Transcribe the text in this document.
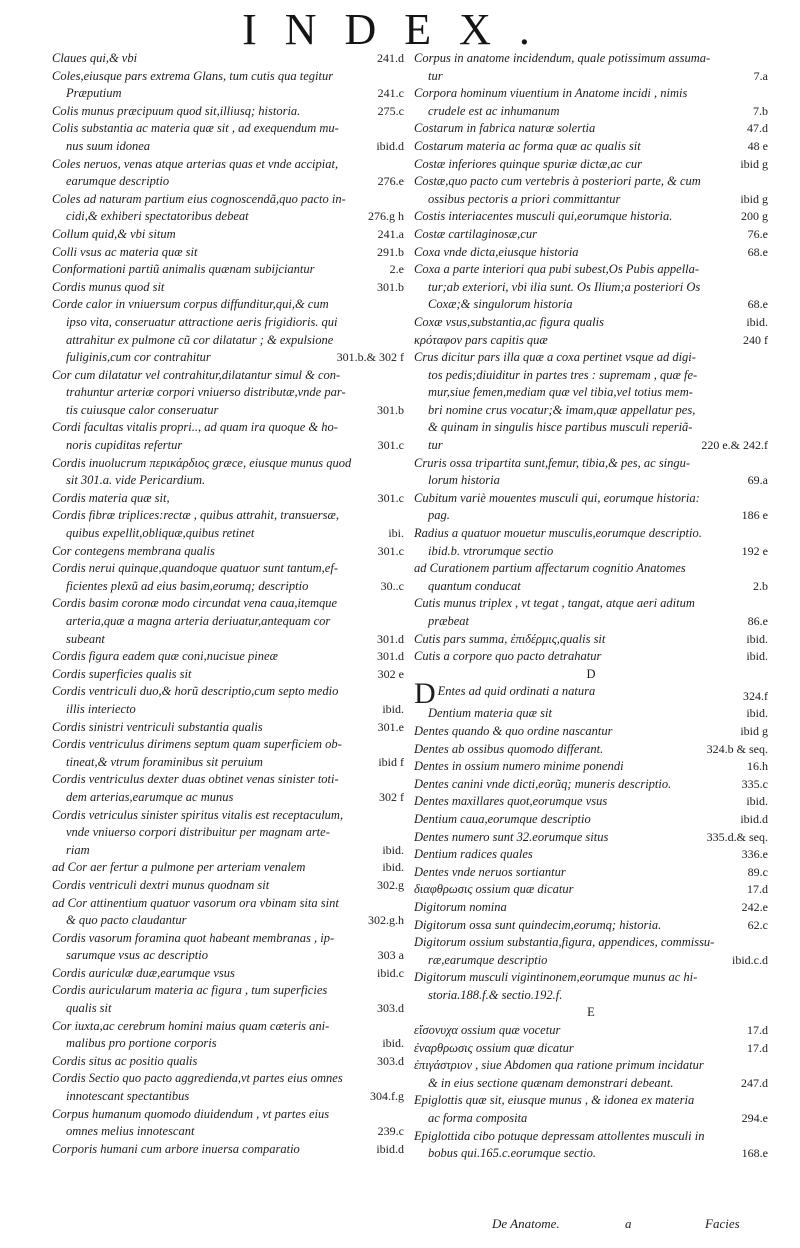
INDEX.
Claues qui,& vbi	241.d
Coles,eiusque pars extrema Glans, tum cutis qua tegitur
Præputium	241.c
Colis munus præcipuum quod sit,illiusq; historia.	275.c
Colis substantia ac materia quæ sit , ad exequendum mu-
nus suum idonea	ibid.d
Coles neruos, venas atque arterias quas et vnde accipiat,
earumque descriptio	276.e
Coles ad naturam partium eius cognoscendã,quo pacto in-
cidi,& exhiberi spectatoribus debeat	276.g h
Collum quid,& vbi situm	241.a
Colli vsus ac materia quæ sit	291.b
Conformationi partiũ animalis quænam subijciantur	2.e
Cordis munus quod sit	301.b
Corde calor in vniuersum corpus diffunditur,qui,& cum
ipso vita, conseruatur attractione aeris frigidioris. qui
attrahitur ex pulmone cũ cor dilatatur ; & expulsione
fuliginis,cum cor contrahitur	301.b.& 302 f
Cor cum dilatatur vel contrahitur,dilatantur simul & con-
trahuntur arteriæ corpori vniuerso distributæ,vnde par-
tis cuiusque calor conseruatur	301.b
Cordi facultas vitalis propri.., ad quam ira quoque & ho-
noris cupiditas refertur	301.c
Cordis inuolucrum περικάρδιος græce, eiusque munus quod
sit 301.a. vide Pericardium.
Cordis materia quæ sit,	301.c
Cordis fibræ triplices:rectæ , quibus attrahit, transuersæ,
quibus expellit,obliquæ,quibus retinet	ibi.
Cor contegens membrana qualis	301.c
Cordis nerui quinque,quandoque quatuor sunt tantum,ef-
ficientes plexũ ad eius basim,eorumq; descriptio	30..c
Cordis basim coronæ modo circundat vena caua,itemque
arteria,quæ a magna arteria deriuatur,antequam cor
subeant	301.d
Cordis figura eadem quæ coni,nucisue pineæ	301.d
Cordis superficies qualis sit	302 e
Cordis ventriculi duo,& horũ descriptio,cum septo medio
illis interiecto	ibid.
Cordis sinistri ventriculi substantia qualis	301.e
Cordis ventriculus dirimens septum quam superficiem ob-
tineat,& vtrum foraminibus sit peruium	ibid f
Cordis ventriculus dexter duas obtinet venas sinister toti-
dem arterias,earumque ac munus	302 f
Cordis vetriculus sinister spiritus vitalis est receptaculum,
vnde vniuerso corpori distribuitur per magnam arte-
riam	ibid.
ad Cor aer fertur a pulmone per arteriam venalem	ibid.
Cordis ventriculi dextri munus quodnam sit	302.g
ad Cor attinentium quatuor vasorum ora vbinam sita sint
& quo pacto claudantur	302.g.h
Cordis vasorum foramina quot habeant membranas , ip-
sarumque vsus ac descriptio	303 a
Cordis auriculæ duæ,earumque vsus	ibid.c
Cordis auricularum materia ac figura , tum superficies
qualis sit	303.d
Cor iuxta,ac cerebrum homini maius quam cæteris ani-
malibus pro portione corporis	ibid.
Cordis situs ac positio qualis	303.d
Cordis Sectio quo pacto aggredienda,vt partes eius omnes
innotescant spectantibus	304.f.g
Corpus humanum quomodo diuidendum , vt partes eius
omnes melius innotescant	239.c
Corporis humani cum arbore inuersa comparatio	ibid.d
Corpus in anatome incidendum, quale potissimum assuma-
tur	7.a
Corpora hominum viuentium in Anatome incidi , nimis
crudele est ac inhumanum	7.b
Costarum in fabrica naturæ solertia	47.d
Costarum materia ac forma quæ ac qualis sit	48 e
Costæ inferiores quinque spuriæ dictæ,ac cur	ibid g
Costæ,quo pacto cum vertebris à posteriori parte, & cum
ossibus pectoris a priori committantur	ibid g
Costis interiacentes musculi qui,eorumque historia.	200 g
Costæ cartilaginosæ,cur	76.e
Coxa vnde dicta,eiusque historia	68.e
Coxa a parte interiori qua pubi subest,Os Pubis appella-
tur;ab exteriori, vbi ilia sunt. Os Ilium;a posteriori Os
Coxæ;& singulorum historia	68.e
Coxæ vsus,substantia,ac figura qualis	ibid.
κρόταφον pars capitis quæ	240 f
Crus dicitur pars illa quæ a coxa pertinet vsque ad digi-
tos pedis;diuiditur in partes tres : supremam , quæ fe-
mur,siue femen,mediam quæ vel tibia,vel totius mem-
bri nomine crus vocatur;& imam,quæ appellatur pes,
& quinam in singulis hisce partibus musculi reperiã-
tur	220 e.& 242.f
Cruris ossa tripartita sunt,femur, tibia,& pes, ac singu-
lorum historia	69.a
Cubitum variè mouentes musculi qui, eorumque historia:
pag.	186 e
Radius a quatuor mouetur musculis,eorumque descriptio.
ibid.b. vtrorumque sectio	192 e
ad Curationem partium affectarum cognitio Anatomes
quantum conducat	2.b
Cutis munus triplex , vt tegat , tangat, atque aeri aditum
præbeat	86.e
Cutis pars summa, ἐπιδέρμις,qualis sit	ibid.
Cutis a corpore quo pacto detrahatur	ibid.
D
D Entes ad quid ordinati a natura	324.f
Dentium materia quæ sit	ibid.
Dentes quando & quo ordine nascantur	ibid g
Dentes ab ossibus quomodo differant.	324.b & seq.
Dentes in ossium numero minime ponendi	16.h
Dentes canini vnde dicti,eorũq; muneris descriptio.	335.c
Dentes maxillares quot,eorumque vsus	ibid.
Dentium caua,eorumque descriptio	ibid.d
Dentes numero sunt 32.eorumque situs	335.d.& seq.
Dentium radices quales	336.e
Dentes vnde neruos sortiantur	89.c
διαφθρωσις ossium quæ dicatur	17.d
Digitorum nomina	242.e
Digitorum ossa sunt quindecim,eorumq; historia.	62.c
Digitorum ossium substantia,figura, appendices, commissu-
ræ,earumque descriptio	ibid.c.d
Digitorum musculi vigintinonem,eorumque munus ac hi-
storia.188.f.& sectio.192.f.
E
εἴσονυχα ossium quæ vocetur	17.d
ἐναρθρωσις ossium quæ dicatur	17.d
ἐπιγάστριον , siue Abdomen qua ratione primum incidatur
& in eius sectione quænam demonstrari debeant.	247.d
Epiglottis quæ sit, eiusque munus , & idonea ex materia
ac forma composita	294.e
Epiglottida cibo potuque depressam attollentes musculi in
bobus qui.165.c.eorumque sectio.	168.e
De Anatome.	a	Facies
